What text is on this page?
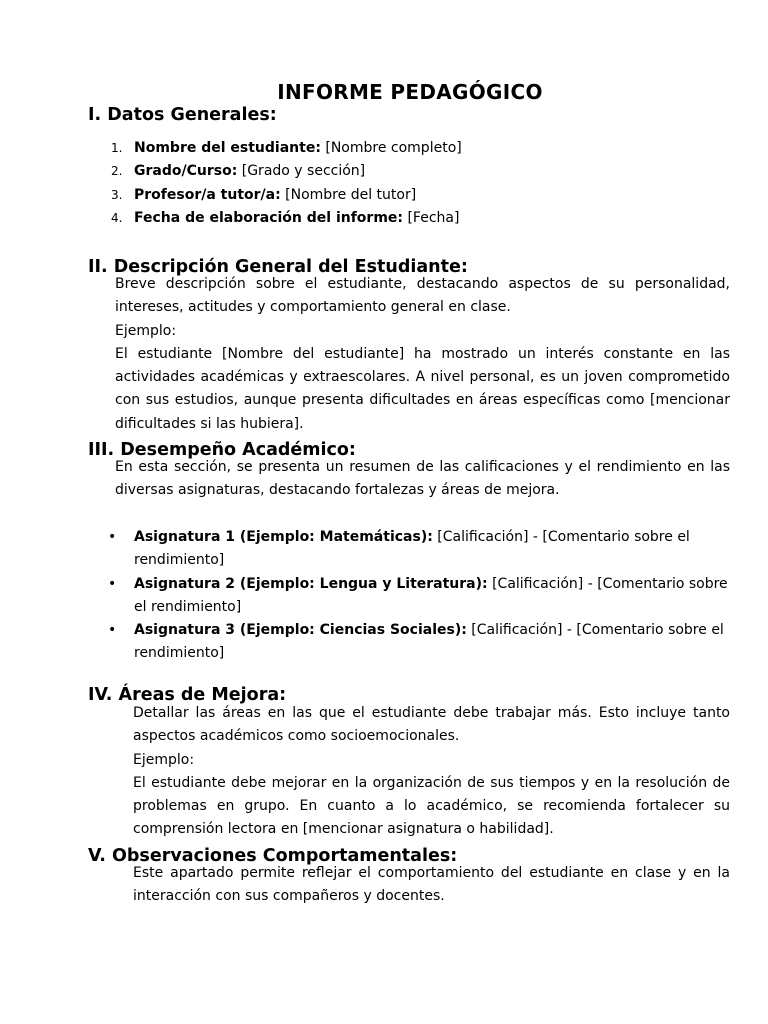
INFORME PEDAGÓGICO
I. Datos Generales:
1. Nombre del estudiante: [Nombre completo]
2. Grado/Curso: [Grado y sección]
3. Profesor/a tutor/a: [Nombre del tutor]
4. Fecha de elaboración del informe: [Fecha]
II. Descripción General del Estudiante:

Breve descripción sobre el estudiante, destacando aspectos de su personalidad, intereses, actitudes y comportamiento general en clase.

Ejemplo:

El estudiante [Nombre del estudiante] ha mostrado un interés constante en las actividades académicas y extraescolares. A nivel personal, es un joven comprometido con sus estudios, aunque presenta dificultades en áreas específicas como [mencionar dificultades si las hubiera].

III. Desempeño Académico:

En esta sección, se presenta un resumen de las calificaciones y el rendimiento en las diversas asignaturas, destacando fortalezas y áreas de mejora.

• Asignatura 1 (Ejemplo: Matemáticas): [Calificación] - [Comentario sobre el rendimiento]
• Asignatura 2 (Ejemplo: Lengua y Literatura): [Calificación] - [Comentario sobre el rendimiento]
• Asignatura 3 (Ejemplo: Ciencias Sociales): [Calificación] - [Comentario sobre el rendimiento]
IV. Áreas de Mejora:

Detallar las áreas en las que el estudiante debe trabajar más. Esto incluye tanto aspectos académicos como socioemocionales.

Ejemplo:

El estudiante debe mejorar en la organización de sus tiempos y en la resolución de problemas en grupo. En cuanto a lo académico, se recomienda fortalecer su comprensión lectora en [mencionar asignatura o habilidad].

V. Observaciones Comportamentales:

Este apartado permite reflejar el comportamiento del estudiante en clase y en la interacción con sus compañeros y docentes.
